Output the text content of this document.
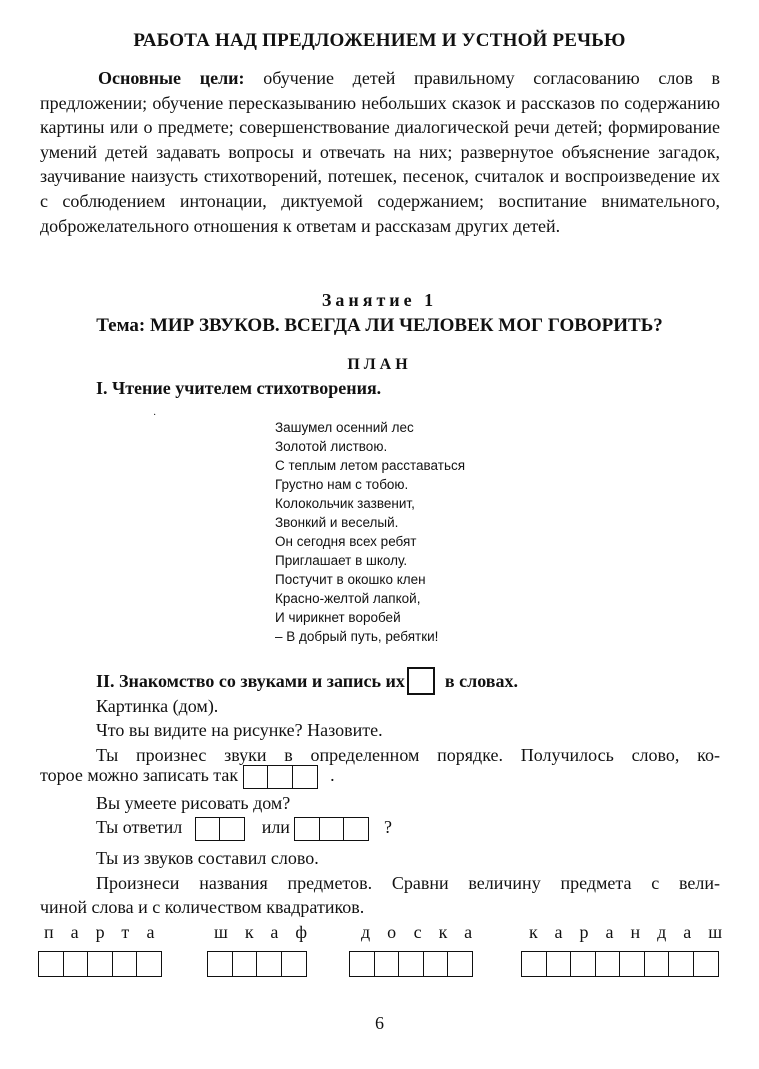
РАБОТА НАД ПРЕДЛОЖЕНИЕМ И УСТНОЙ РЕЧЬЮ
Основные цели: обучение детей правильному согласованию слов в предложении; обучение пересказыванию небольших сказок и рассказов по содержанию картины или о предмете; совершенствование диалогической речи детей; формирование умений детей задавать вопросы и отвечать на них; развернутое объяснение загадок, заучивание наизусть стихотворений, потешек, песенок, считалок и воспроизведение их с соблюдением интонации, диктуемой содержанием; воспитание внимательного, доброжелательного отношения к ответам и рассказам других детей.
Занятие 1
Тема: МИР ЗВУКОВ. ВСЕГДА ЛИ ЧЕЛОВЕК МОГ ГОВОРИТЬ?
ПЛАН
I. Чтение учителем стихотворения.
·
Зашумел осенний лес
Золотой листвою.
С теплым летом расставаться
Грустно нам с тобою.
Колокольчик зазвенит,
Звонкий и веселый.
Он сегодня всех ребят
Приглашает в школу.
Постучит в окошко клен
Красно-желтой лапкой,
И чирикнет воробей
– В добрый путь, ребятки!
II. Знакомство со звуками и запись их в словах.
Картинка (дом).
Что вы видите на рисунке? Назовите.
Ты произнес звуки в определенном порядке. Получилось слово, ко-
торое можно записать так	.
Вы умеете рисовать дом?
Ты ответил	или	?
Ты из звуков составил слово.
Произнеси названия предметов. Сравни величину предмета с вели-
чиной слова и с количеством квадратиков.
парта шкаф доска карандаш
6
